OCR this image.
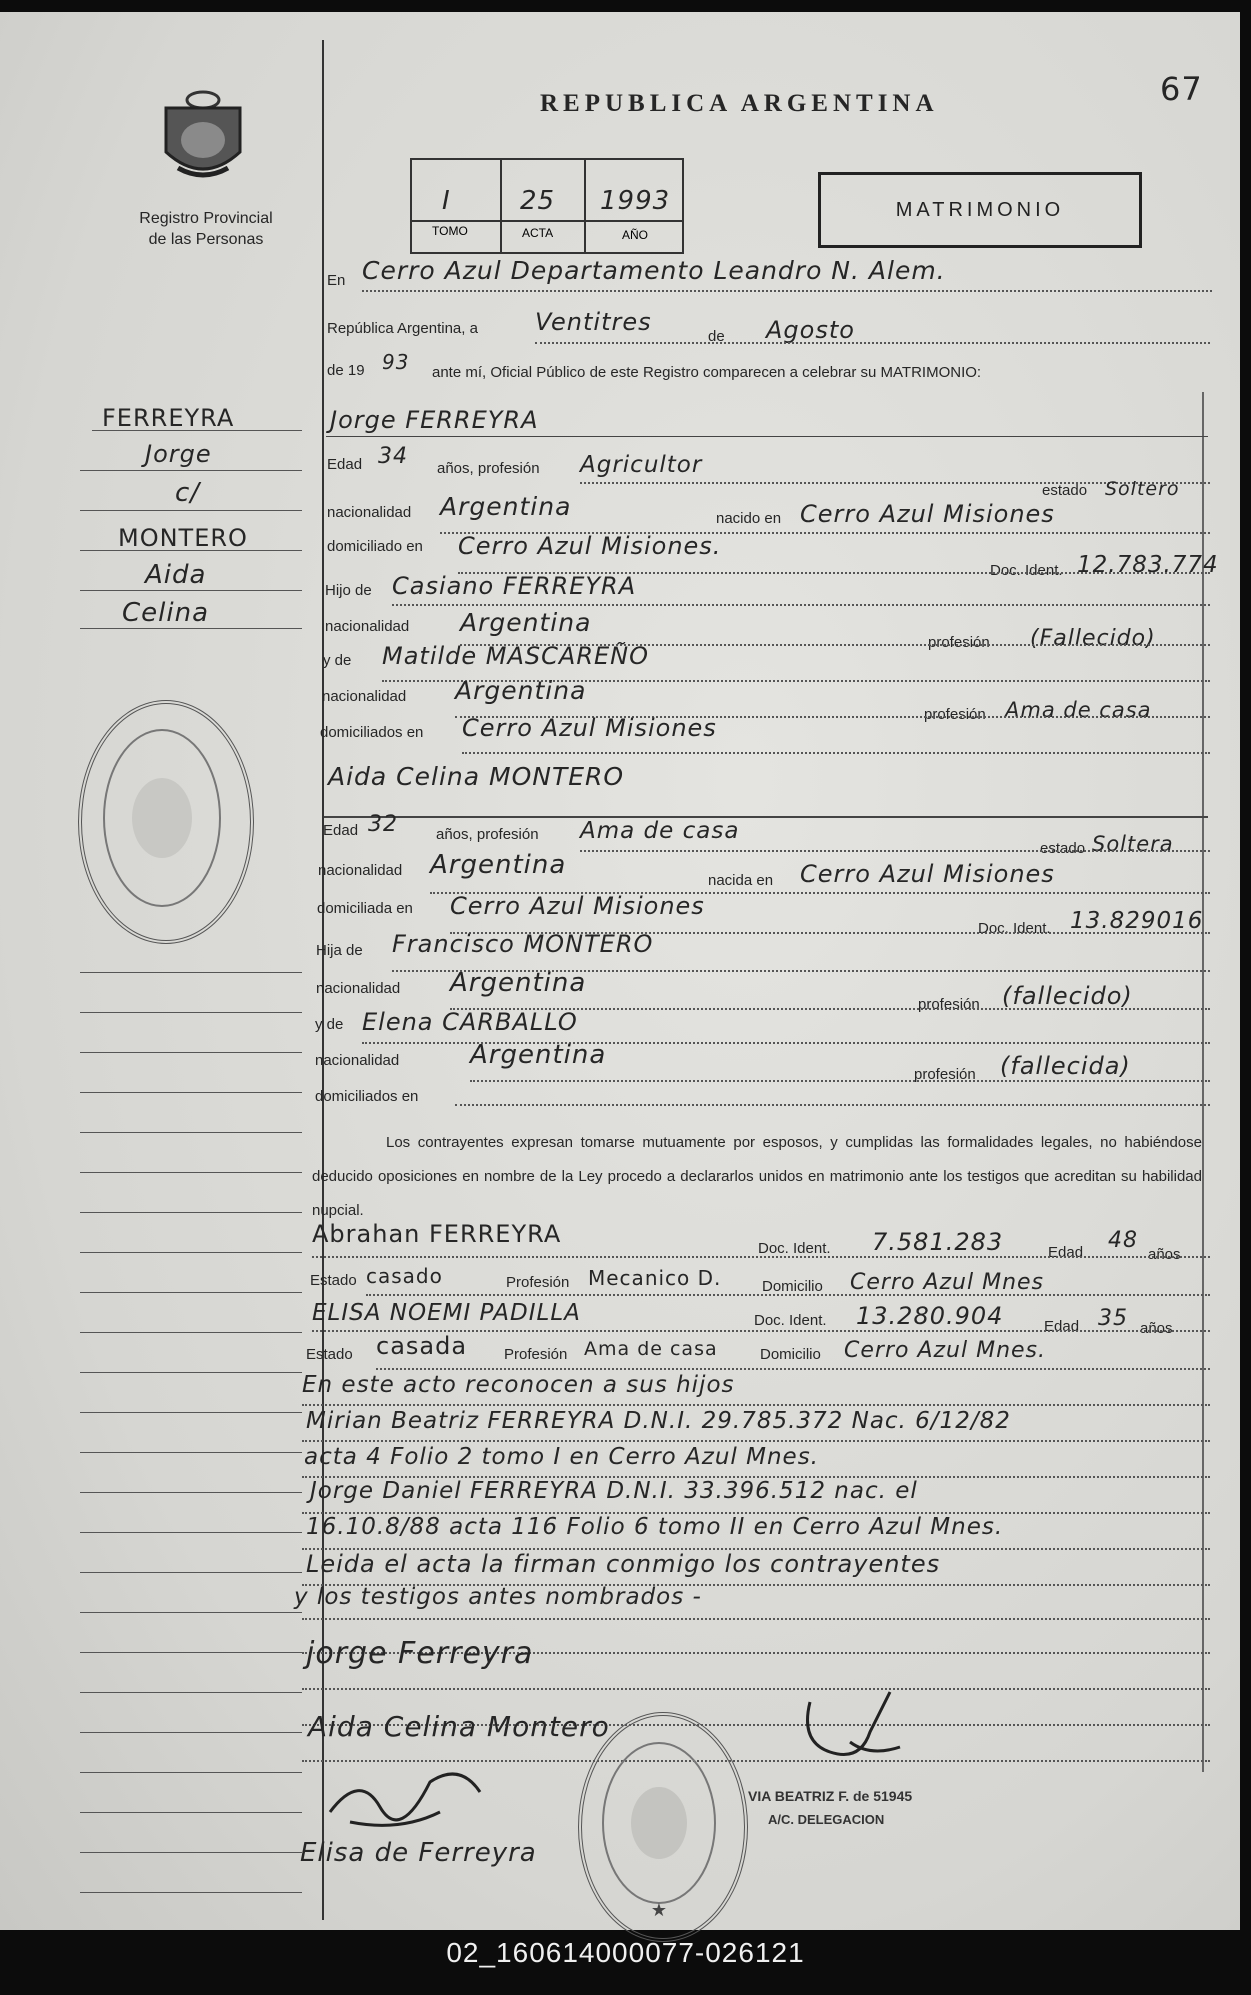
Registro Provincial
de las Personas
REPUBLICA ARGENTINA	67
I	25 1993
TOMO	ACTA	AÑO
MATRIMONIO
En Cerro Azul Departamento Leandro N. Alem.
República Argentina, a Ventitres
de Agosto
de 19 93 ante mí, Oficial Público de este Registro comparecen a celebrar su MATRIMONIO:
FERREYRA
Jorge
c/
MONTERO
Aida
Celina
Jorge FERREYRA
Edad 34 años, profesión Agricultor
nacionalidad Argentina	nacido en Cerro Azul Misiones
estado Soltero
domiciliado en Cerro Azul Misiones.
Doc. Ident. 12.783.774
Hijo de Casiano FERREYRA
nacionalidad Argentina
profesión (Fallecido)
y de Matilde MASCAREÑO
nacionalidad Argentina
profesión Ama de casa
domiciliados en Cerro Azul Misiones
Aida Celina MONTERO
Edad 32	años, profesión Ama de casa
estado Soltera
nacionalidad Argentina
nacida en Cerro Azul Misiones
domiciliada en Cerro Azul Misiones
Doc. Ident. 13.829016
Hija de Francisco MONTERO
nacionalidad Argentina
profesión (fallecido)
y de Elena CARBALLO
nacionalidad	Argentina
profesión (fallecida)
domiciliados en
Los contrayentes expresan tomarse mutuamente por esposos, y cumplidas las formalidades legales, no habiéndose deducido oposiciones en nombre de la Ley procedo a declararlos unidos en matrimonio ante los testigos que acreditan su habilidad nupcial.
Abrahan FERREYRA
Doc. Ident. 7.581.283	Edad 48
años
Estado casado	Profesión Mecanico D.	Domicilio Cerro Azul Mnes
ELISA NOEMI PADILLA	Doc. Ident. 13.280.904	Edad 35 años
Estado casada Profesión Ama de casa	Domicilio Cerro Azul Mnes.
En este acto reconocen a sus hijos
Mirian Beatriz FERREYRA D.N.I. 29.785.372 Nac. 6/12/82
acta 4 Folio 2 tomo I en Cerro Azul Mnes.
Jorge Daniel FERREYRA D.N.I. 33.396.512 nac. el
16.10.8/88 acta 116 Folio 6 tomo II en Cerro Azul Mnes.
Leida el acta la firman conmigo los contrayentes
y los testigos antes nombrados -
jorge Ferreyra
Aida Celina Montero
Elisa de Ferreyra
VIA BEATRIZ F. de 51945
A/C. DELEGACION
★
02_160614000077-026121
